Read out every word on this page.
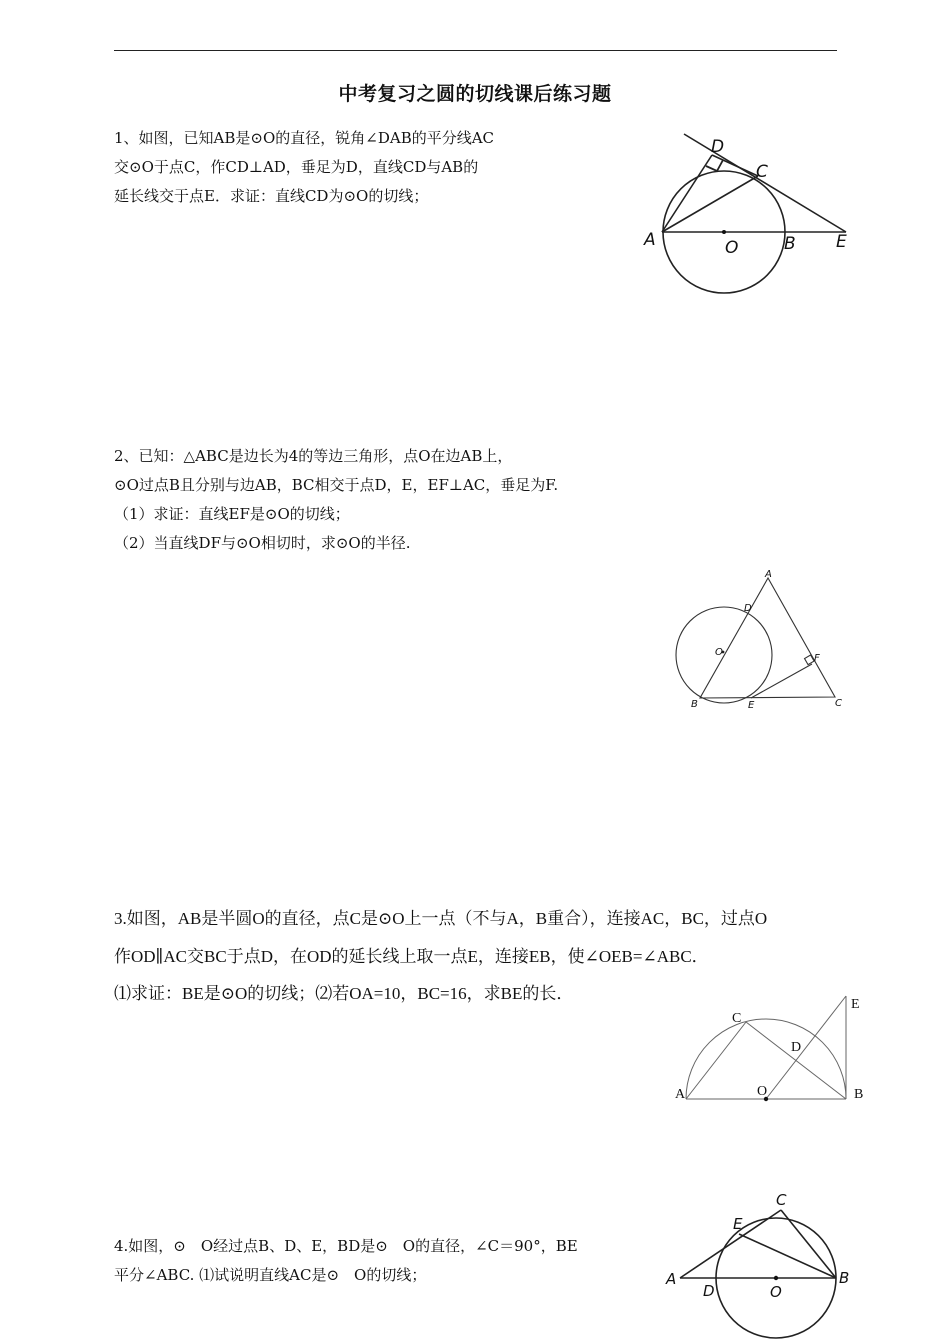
中考复习之圆的切线课后练习题
1、如图，已知AB是⊙O的直径，锐角∠DAB的平分线AC
交⊙O于点C，作CD⊥AD，垂足为D，直线CD与AB的
延长线交于点E．求证：直线CD为⊙O的切线；
D
C
A	O	B E
2、已知：△ABC是边长为4的等边三角形，点O在边AB上，
⊙O过点B且分别与边AB，BC相交于点D，E，EF⊥AC，垂足为F.
（1）求证：直线EF是⊙O的切线；
（2）当直线DF与⊙O相切时，求⊙O的半径.
A
D
O
F
B	E	C
3.如图，AB是半圆O的直径，点C是⊙O上一点（不与A，B重合），连接AC，BC，过点O
作OD∥AC交BC于点D，在OD的延长线上取一点E，连接EB，使∠OEB=∠ABC．
⑴求证：BE是⊙O的切线；⑵若OA=10，BC=16，求BE的长．
C
E
D
O
A	B
4.如图，⊙　O经过点B、D、E，BD是⊙　O的直径，∠C＝90°，BE
平分∠ABC. ⑴试说明直线AC是⊙　O的切线；
C
E
A
D	O
B
